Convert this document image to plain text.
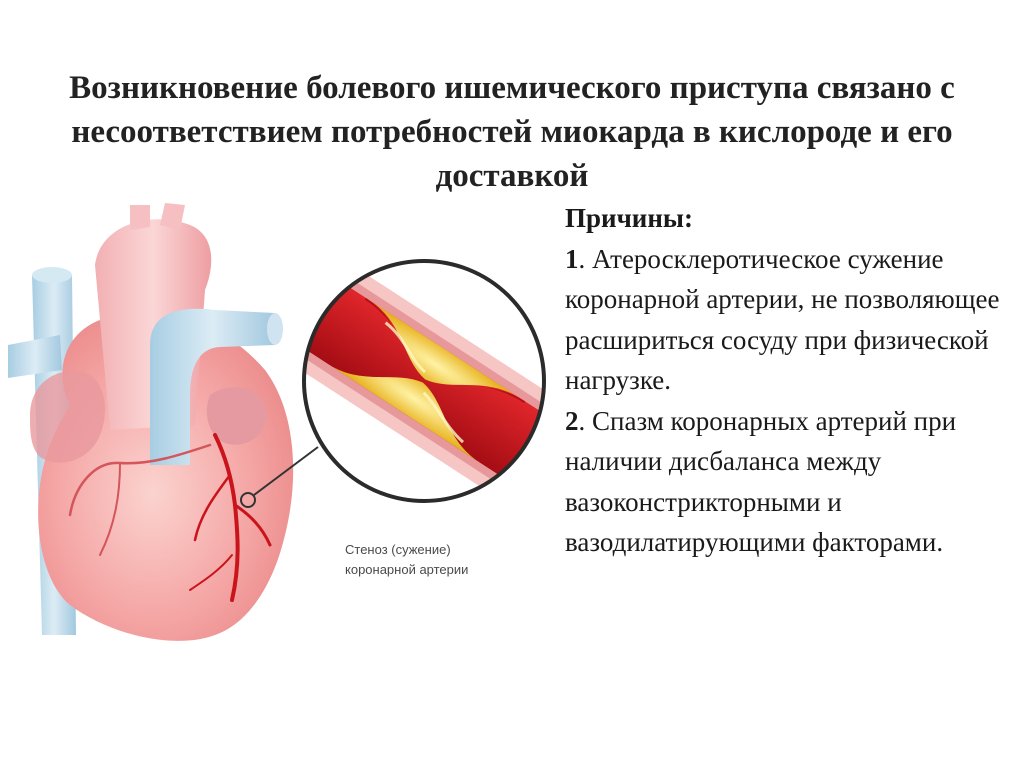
Возникновение болевого ишемического приступа связано с несоответствием потребностей миокарда в кислороде и его доставкой
Стеноз (сужение)
коронарной артерии
Причины:

1. Атеросклеротическое сужение коронарной артерии, не позволяющее расшириться сосуду при физической нагрузке.

2. Спазм коронарных артерий при наличии дисбаланса между вазоконстрикторными и вазодилатирующими факторами.
